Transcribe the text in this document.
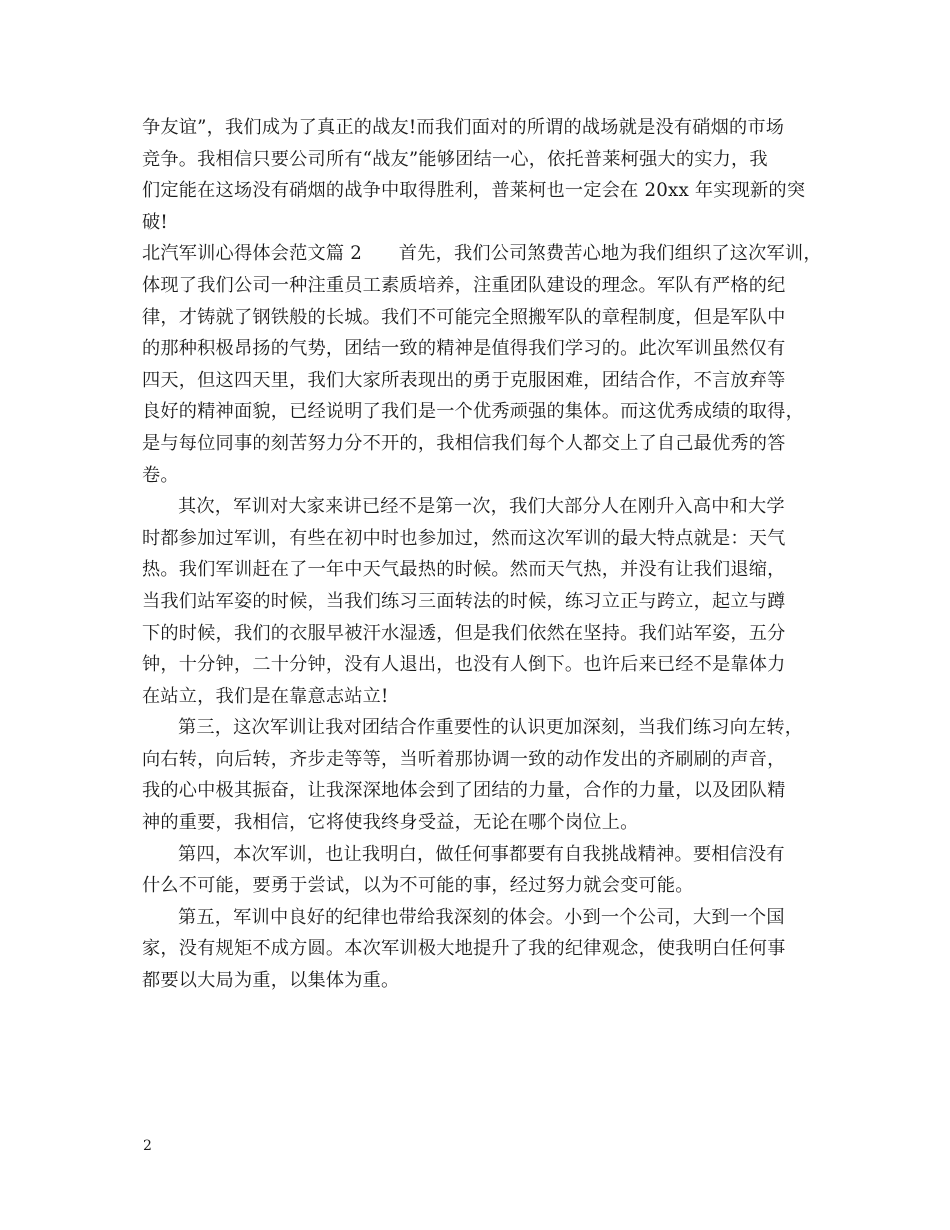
争友谊”，我们成为了真正的战友!而我们面对的所谓的战场就是没有硝烟的市场
竞争。我相信只要公司所有“战友”能够团结一心，依托普莱柯强大的实力，我
们定能在这场没有硝烟的战争中取得胜利，普莱柯也一定会在 20xx 年实现新的突
破!

北汽军训心得体会范文篇 2　　首先，我们公司煞费苦心地为我们组织了这次军训，
体现了我们公司一种注重员工素质培养，注重团队建设的理念。军队有严格的纪
律，才铸就了钢铁般的长城。我们不可能完全照搬军队的章程制度，但是军队中
的那种积极昂扬的气势，团结一致的精神是值得我们学习的。此次军训虽然仅有
四天，但这四天里，我们大家所表现出的勇于克服困难，团结合作，不言放弃等
良好的精神面貌，已经说明了我们是一个优秀顽强的集体。而这优秀成绩的取得，
是与每位同事的刻苦努力分不开的，我相信我们每个人都交上了自己最优秀的答
卷。

其次，军训对大家来讲已经不是第一次，我们大部分人在刚升入高中和大学
时都参加过军训，有些在初中时也参加过，然而这次军训的最大特点就是：天气
热。我们军训赶在了一年中天气最热的时候。然而天气热，并没有让我们退缩，
当我们站军姿的时候，当我们练习三面转法的时候，练习立正与跨立，起立与蹲
下的时候，我们的衣服早被汗水湿透，但是我们依然在坚持。我们站军姿，五分
钟，十分钟，二十分钟，没有人退出，也没有人倒下。也许后来已经不是靠体力
在站立，我们是在靠意志站立!

第三，这次军训让我对团结合作重要性的认识更加深刻，当我们练习向左转，
向右转，向后转，齐步走等等，当听着那协调一致的动作发出的齐刷刷的声音，
我的心中极其振奋，让我深深地体会到了团结的力量，合作的力量，以及团队精
神的重要，我相信，它将使我终身受益，无论在哪个岗位上。

第四，本次军训，也让我明白，做任何事都要有自我挑战精神。要相信没有
什么不可能，要勇于尝试，以为不可能的事，经过努力就会变可能。

第五，军训中良好的纪律也带给我深刻的体会。小到一个公司，大到一个国
家，没有规矩不成方圆。本次军训极大地提升了我的纪律观念，使我明白任何事
都要以大局为重，以集体为重。

2
